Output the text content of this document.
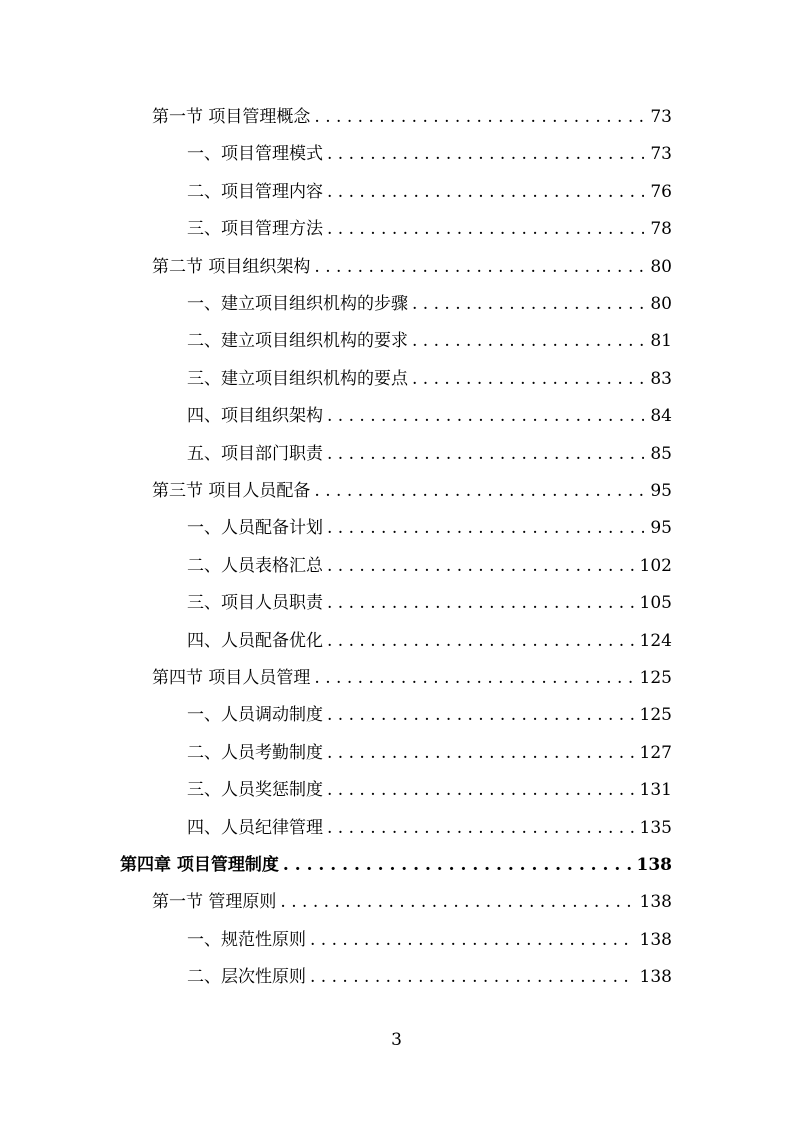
第一节 项目管理概念 . . .	73
一、项目管理模式 . . .	73
二、项目管理内容 . . .	76
三、项目管理方法 . . .	78
第二节 项目组织架构 . . .	80
一、建立项目组织机构的步骤 . . .	80
二、建立项目组织机构的要求 . . .	81
三、建立项目组织机构的要点 . . .	83
四、项目组织架构 . . .	84
五、项目部门职责 . . .	85
第三节 项目人员配备 . . .	95
一、人员配备计划 . . .	95
二、人员表格汇总 . . .	102
三、项目人员职责 . . .	105
四、人员配备优化 . . .	124
第四节 项目人员管理 . . .	125
一、人员调动制度 . . .	125
二、人员考勤制度 . . .	127
三、人员奖惩制度 . . .	131
四、人员纪律管理 . . .	135
第四章 项目管理制度 . . .	138
第一节 管理原则 . . .	138
一、规范性原则 . . .	138
二、层次性原则 . . .	138
3
